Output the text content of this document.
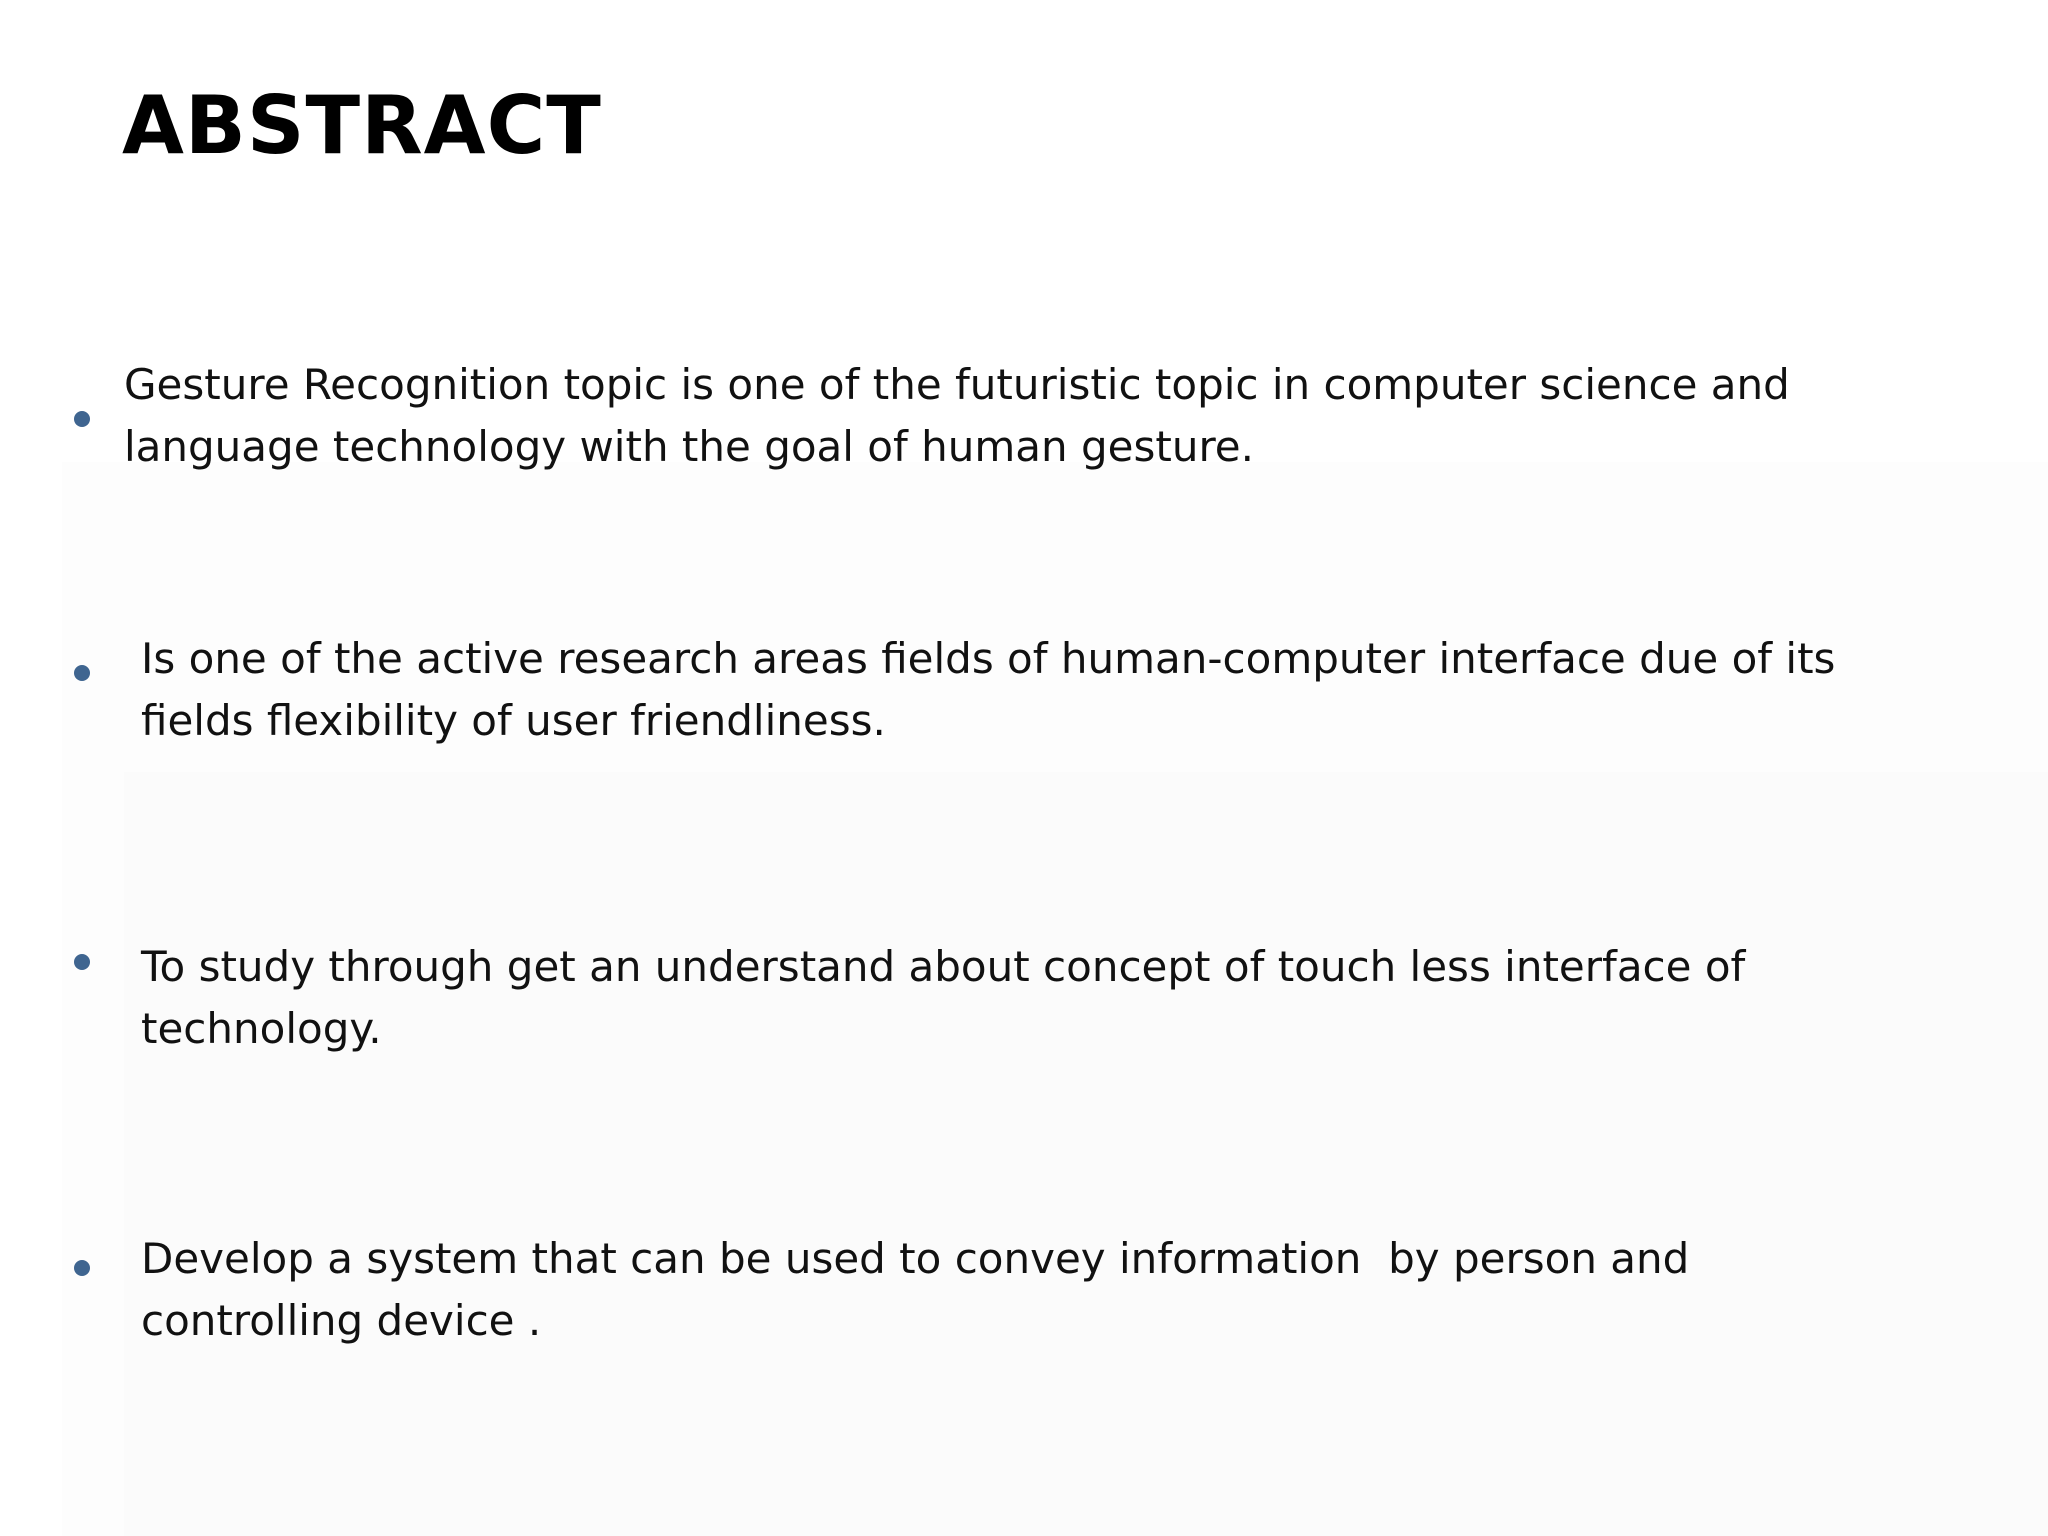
ABSTRACT

Gesture Recognition topic is one of the futuristic topic in computer science and
language technology with the goal of human gesture.

Is one of the active research areas fields of human-computer interface due of its
fields flexibility of user friendliness.

To study through get an understand about concept of touch less interface of
technology.

Develop a system that can be used to convey information  by person and
controlling device .
